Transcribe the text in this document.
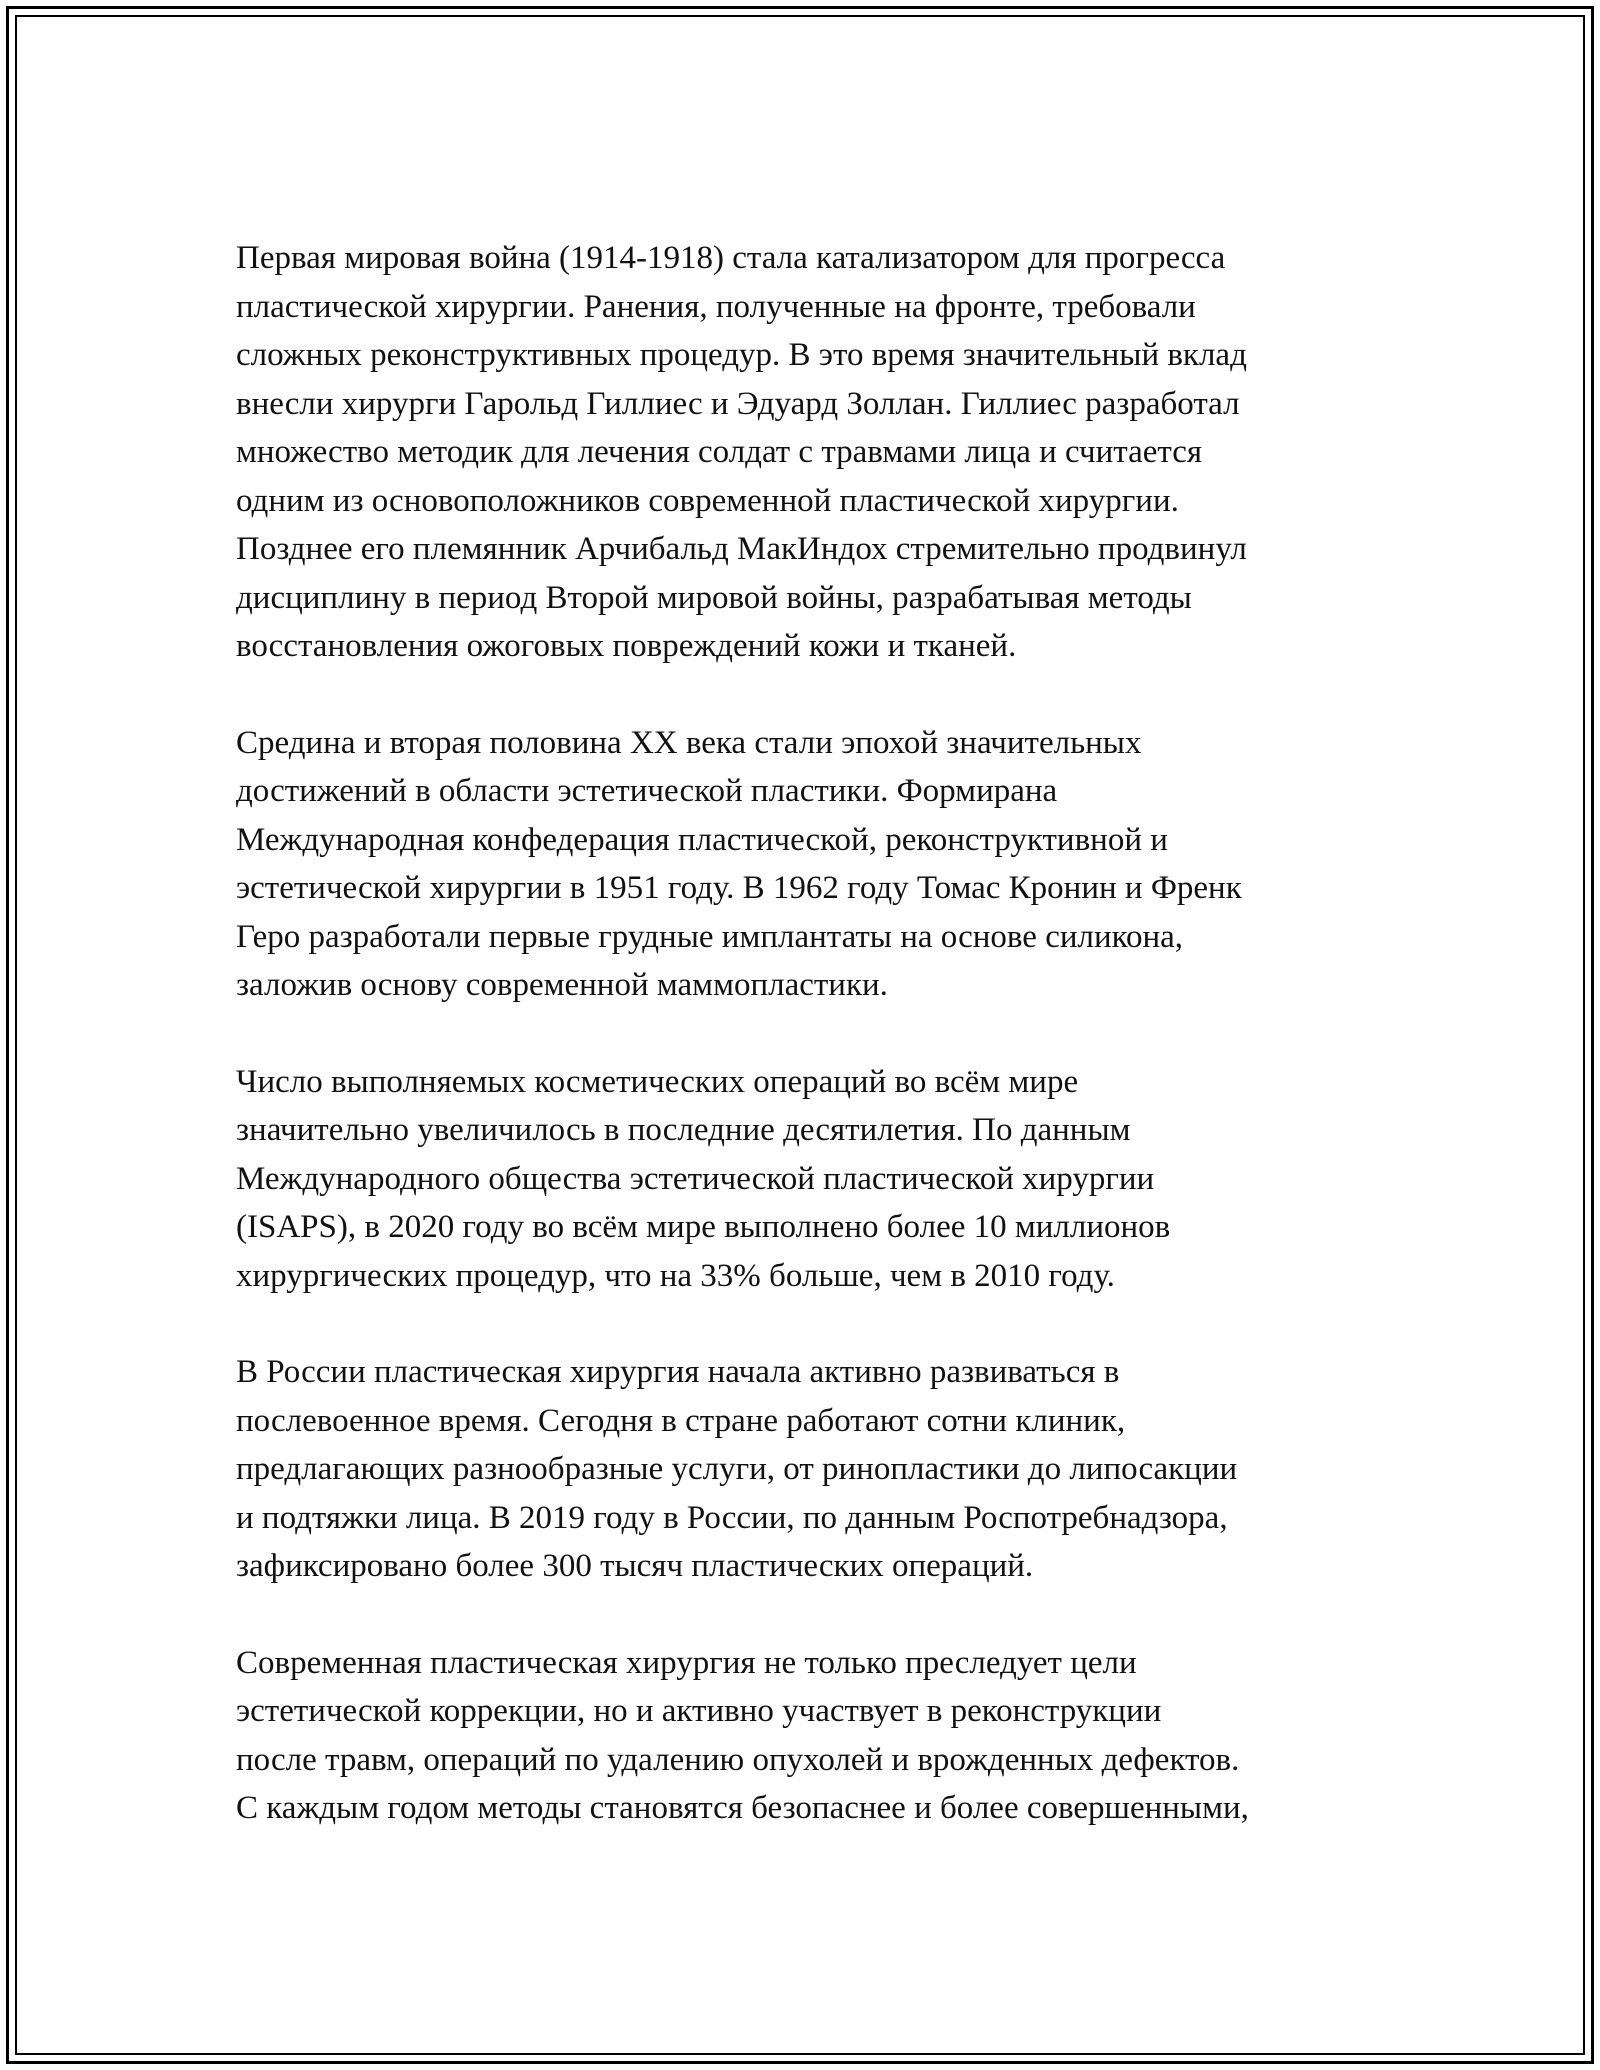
Первая мировая война (1914-1918) стала катализатором для прогресса
пластической хирургии. Ранения, полученные на фронте, требовали
сложных реконструктивных процедур. В это время значительный вклад
внесли хирурги Гарольд Гиллиес и Эдуард Золлан. Гиллиес разработал
множество методик для лечения солдат с травмами лица и считается
одним из основоположников современной пластической хирургии.
Позднее его племянник Арчибальд МакИндох стремительно продвинул
дисциплину в период Второй мировой войны, разрабатывая методы
восстановления ожоговых повреждений кожи и тканей.

Средина и вторая половина XX века стали эпохой значительных
достижений в области эстетической пластики. Формирана
Международная конфедерация пластической, реконструктивной и
эстетической хирургии в 1951 году. В 1962 году Томас Кронин и Френк
Геро разработали первые грудные имплантаты на основе силикона,
заложив основу современной маммопластики.

Число выполняемых косметических операций во всём мире
значительно увеличилось в последние десятилетия. По данным
Международного общества эстетической пластической хирургии
(ISAPS), в 2020 году во всём мире выполнено более 10 миллионов
хирургических процедур, что на 33% больше, чем в 2010 году.

В России пластическая хирургия начала активно развиваться в
послевоенное время. Сегодня в стране работают сотни клиник,
предлагающих разнообразные услуги, от ринопластики до липосакции
и подтяжки лица. В 2019 году в России, по данным Роспотребнадзора,
зафиксировано более 300 тысяч пластических операций.

Современная пластическая хирургия не только преследует цели
эстетической коррекции, но и активно участвует в реконструкции
после травм, операций по удалению опухолей и врожденных дефектов.
С каждым годом методы становятся безопаснее и более совершенными,
